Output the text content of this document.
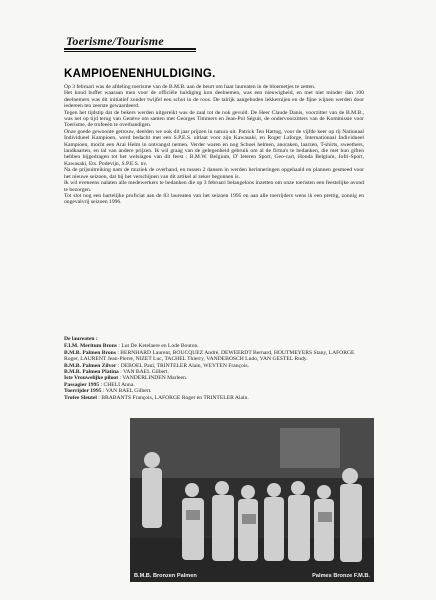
Toerisme/Tourisme
KAMPIOENENHULDIGING.

Op 3 februari was de afdeling toerisme van de B.M.B. aan de beurt om haar laureaten in de bloemetjes te zetten.

Het koud buffet waaraan men voor de officiële huldiging kon deelnemen, was een nieuwigheid, en met niet minder dan 100 deelnemers was dit initiatief zonder twijfel een schot in de roos. De talrijk aangeboden lekkernijen en de fijne wijnen werden door iedereen ten zeerste gewaardeerd.

Tegen het tijdstip dat de bekers werden uitgereikt was de zaal tot de nok gevuld. De Heer Claude Danis, voorzitter van de B.M.B., was net op tijd terug van Genève om samen met Georges Timmers en Jean-Pol Séguit, de ondervoorzitters van de Kommissie voor Toerisme, de trofeeën te overhandigen.

Onze goede gewoonte getrouw, deelden we ook dit jaar prijzen in natura uit. Patrick Ten Hartog, voor de vijfde keer op rij Nationaal Individueel Kampioen, werd bedacht met een S.P.E.S. uitlaat voor zijn Kawasaki, en Roger Laforge, Internationaal Individueel Kampioen, mocht een Arai Helm in ontvangst nemen. Verder waren en nog Schoei helmen, anoraken, laarzen, T-shirts, sweethers, landkaarten, en tal van andere prijzen. Ik wil graag van de gelegenheid gebruik om al de firma's te bedanken, die met hun giften hebben bijgedragen tot het welslagen van dit feest : B.M.W. Belgium, D' Ieteren Sport, Geo-cart, Honda Belgium, Jofri-Sport, Kawasaki, Ets. Podevijn, S.P.E.S. nv.

Na de prijsuitreiking nam de muziek de overhand, en tussen 2 dansen in werden herinneringen opgehaald en plannen gesmeed voor het nieuwe seizoen, dat bij het verschijnen van dit artikel al zeker begonnen is.

Ik wil eveneens nalaten alle medewerkers te bedanken die op 3 februari belangeloos inzetten om onze toeristen een feestelijke avond te bezorgen.

Tot slot nog een hartelijke proficiat aan de 83 laureaten van het seizoen 1995 en aan alle toerrijders wens ik een prettig, zonnig en ongevalvrij seizoen 1996.

De laureaten :
F.I.M. Meritum Brons : Lut De Ketelaere en Lode Bouton.
B.M.B. Palmen Brons : BERNHARD Laurent, BOUCQUEZ André, DEWEERDT Bernard, HOUTMEYERS Stany, LAFORGE Roger, LAURENT Jean-Pierre, NIZET Luc, TACHEL Thierry, VANDEBOSCH Ludo, VAN GESTEL Rudy.
B.M.B. Palmen Zilver : DEBOEL Paul, TRINTELER Alain, WEYTEN François.
B.M.B. Palmen Platina : VAN BAEL Gilbert.
Iste Vrouwelijke piloot : VANDERLINDEN Marleen.
Passagier 1995 : CHELI Anna.
Toerrijder 1995 : VAN BAEL Gilbert.
Trofee Sleutel : BRABANTS François, LAFORGE Roger en TRINTELER Alain.
B.M.B. Bronzen Palmen	Palmes Bronze F.M.B.
